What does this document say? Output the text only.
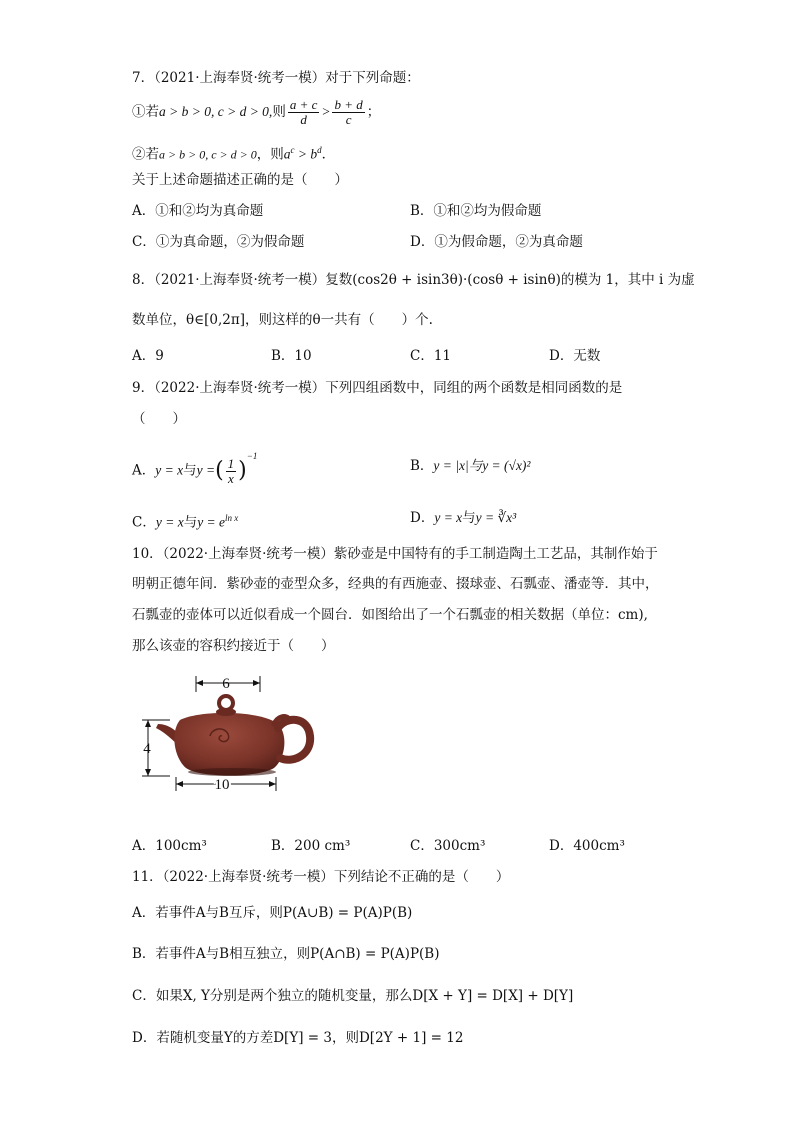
7．（2021·上海奉贤·统考一模）对于下列命题：
①若a > b > 0, c > d > 0,则 $\frac{a + c}{d} > \frac{b + d}{c}$ ；
②若a > b > 0, c > d > 0，则$a^c > b^d$．
关于上述命题描述正确的是（　　）
A．①和②均为真命题	B．①和②均为假命题
C．①为真命题，②为假命题	D．①为假命题，②为真命题
8．（2021·上海奉贤·统考一模）复数(cos2θ + isin3θ)·(cosθ + isinθ)的模为 1，其中 i 为虚
数单位，θ∈[0,2π]，则这样的θ一共有（　　）个.
A．9	B．10	C．11	D．无数
9．（2022·上海奉贤·统考一模）下列四组函数中，同组的两个函数是相同函数的是
（　　）
A．y = x与y =( $\frac{1}{x} )^{-1}$
B．y = |x|与y = (√x)²
C．y = x与$y = e^{ln x}$	D．y = x与y = ∛x³
10．（2022·上海奉贤·统考一模）紫砂壶是中国特有的手工制造陶土工艺品，其制作始于
明朝正德年间．紫砂壶的壶型众多，经典的有西施壶、掇球壶、石瓢壶、潘壶等．其中，
石瓢壶的壶体可以近似看成一个圆台．如图给出了一个石瓢壶的相关数据（单位：cm),
那么该壶的容积约接近于（　　）
6
4
10
A．100cm³	B．200 cm³	C．300cm³	D．400cm³
11．（2022·上海奉贤·统考一模）下列结论不正确的是（　　）
A．若事件A与B互斥，则P(A∪B) = P(A)P(B)
B．若事件A与B相互独立，则P(A∩B) = P(A)P(B)
C．如果X, Y分别是两个独立的随机变量，那么D[X + Y] = D[X] + D[Y]
D．若随机变量Y的方差D[Y] = 3，则D[2Y + 1] = 12
